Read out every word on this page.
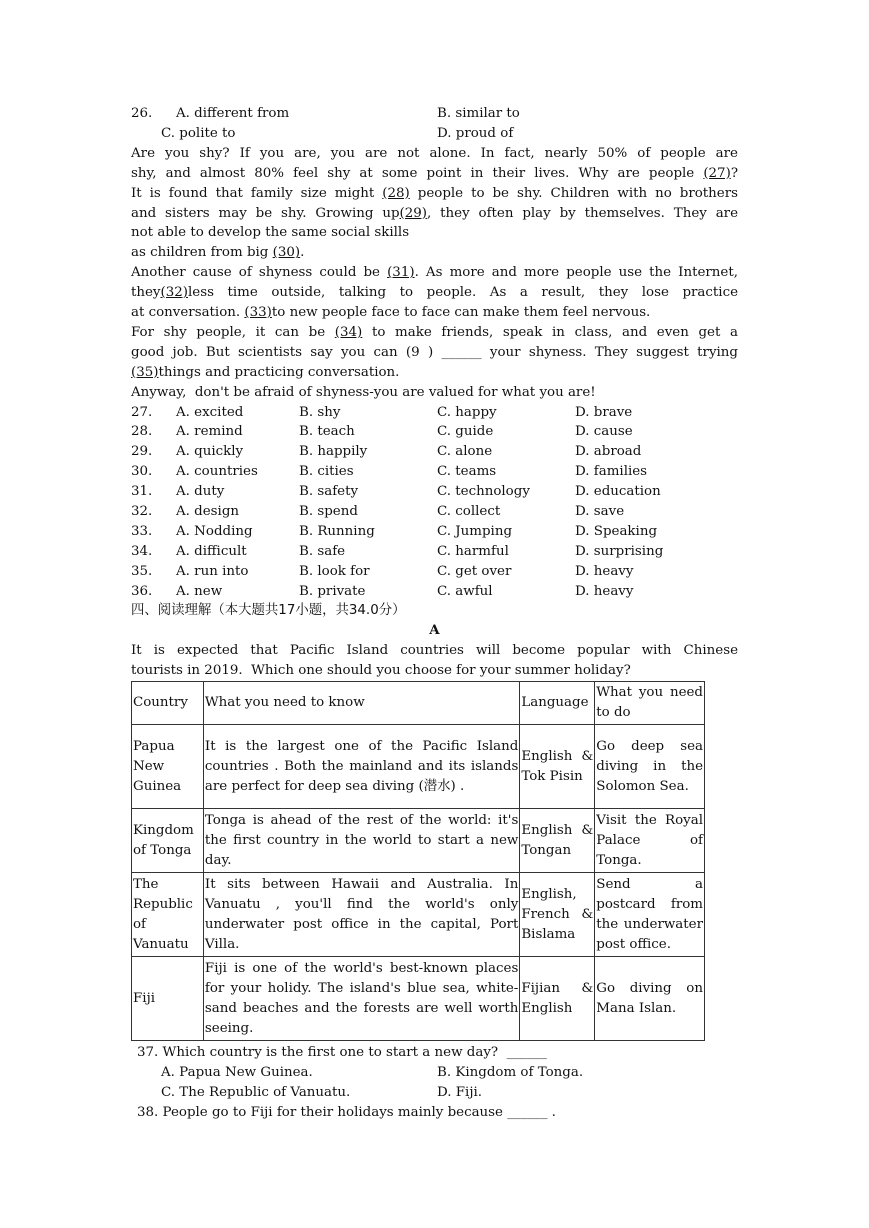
26.	A. different from	B. similar to
C. polite to	D. proud of
Are you shy? If you are, you are not alone. In fact, nearly 50% of people are
shy, and almost 80% feel shy at some point in their lives. Why are people (27)?
It is found that family size might (28) people to be shy. Children with no brothers
and sisters may be shy. Growing up(29), they often play by themselves. They are
not able to develop the same social skills
as children from big (30).
Another cause of shyness could be (31). As more and more people use the Internet,
they(32)less time outside, talking to people. As a result, they lose practice
at conversation. (33)to new people face to face can make them feel nervous.
For shy people, it can be (34) to make friends, speak in class, and even get a
good job. But scientists say you can (9 ) ______ your shyness. They suggest trying
(35)things and practicing conversation.
Anyway,  don't be afraid of shyness-you are valued for what you are!
27.	A. excited	B. shy	C. happy	D. brave
28.	A. remind	B. teach	C. guide	D. cause
29.	A. quickly	B. happily	C. alone	D. abroad
30.	A. countries	B. cities	C. teams	D. families
31.	A. duty	B. safety	C. technology	D. education
32.	A. design	B. spend	C. collect	D. save
33.	A. Nodding	B. Running	C. Jumping	D. Speaking
34.	A. difficult	B. safe	C. harmful	D. surprising
35.	A. run into	B. look for	C. get over	D. heavy
36.	A. new	B. private	C. awful	D. heavy
四、阅读理解（本大题共17小题，共34.0分）
A
It is expected that Pacific Island countries will become popular with Chinese
tourists in 2019.  Which one should you choose for your summer holiday?
Country	What you need to know	Language	What you need to do
Papua New Guinea	It is the largest one of the Pacific Island countries . Both the mainland and its islands are perfect for deep sea diving (潜水) .	English & Tok Pisin	Go deep sea diving in the Solomon Sea.
Kingdom of Tonga	Tonga is ahead of the rest of the world: it's the first country in the world to start a new day.	English & Tongan	Visit the Royal Palace of Tonga.
The Republic of Vanuatu	It sits between Hawaii and Australia. In Vanuatu , you'll find the world's only underwater post office in the capital, Port Villa.	English, French & Bislama	Send a postcard from the underwater post office.
Fiji	Fiji is one of the world's best-known places for your holidy. The island's blue sea, white-sand beaches and the forests are well worth seeing.	Fijian & English	Go diving on Mana Islan.
37. Which country is the first one to start a new day?  ______
A. Papua New Guinea.	B. Kingdom of Tonga.
C. The Republic of Vanuatu.	D. Fiji.
38. People go to Fiji for their holidays mainly because ______ .
